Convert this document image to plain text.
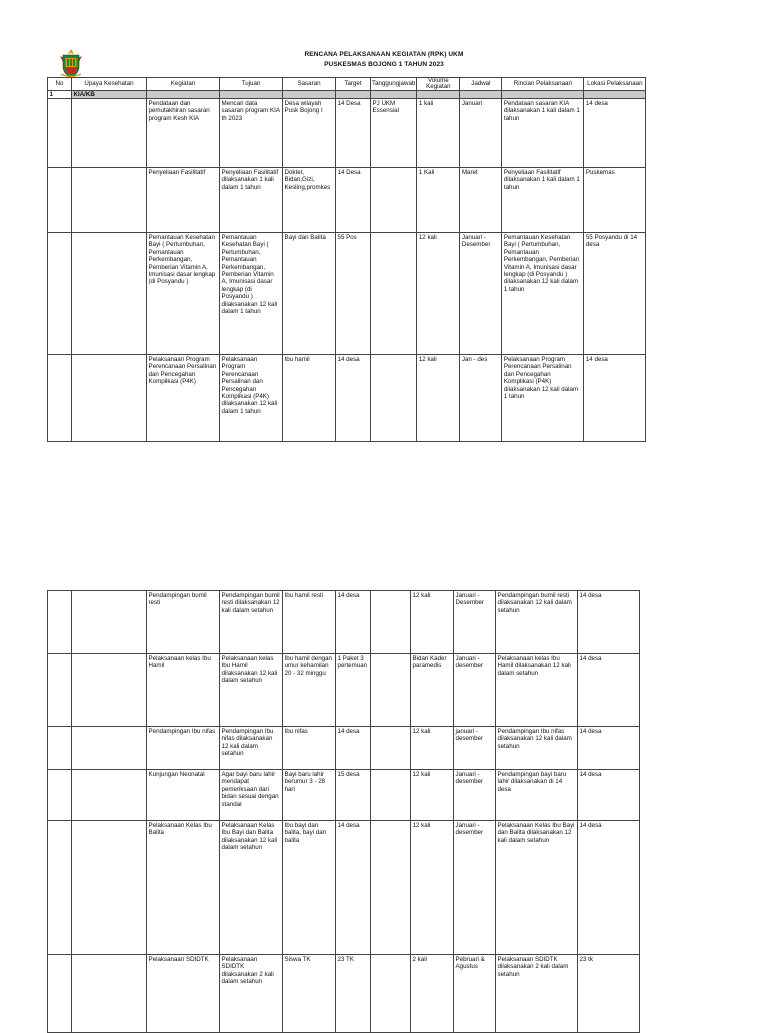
RENCANA PELAKSANAAN KEGIATAN (RPK) UKM
PUSKESMAS BOJONG 1 TAHUN 2023
No	Upaya Kesehatan	Kegiatan	Tujuan	Sasaran	Target	Tanggungjawab	Volume Kegiatan	Jadwal	Rincian Pelaksanaan	Lokasi Pelaksanaan
1	KIA/KB									
		Pendataan dan pemutakhiran sasaran program Kesh KIA	Mencari data sasaran program KIA th 2023	Desa wilayah Pusk Bojong I	14 Desa	PJ UKM Essensial	1 kali	Januari	Pendataan sasaran KIA dilaksanakan 1 kali dalam 1 tahun	14 desa
		Penyeliaan Fasilitatif	Penyeliaan Fasilitatif dilaksanakan 1 kali dalam 1 tahun	Dokter, Bidan,Gizi, Kesling,promkes	14 Desa		1 Kali	Maret	Penyeliaan Fasilitatif dilaksanakan 1 kali dalam 1 tahun	Puskemas
		Pemantauan Kesehatan Bayi ( Pertumbuhan, Pemantauan Perkembangan, Pemberian Vitamin A, Imunisasi dasar lengkap (di Posyandu )	Pemantauan Kesehatan Bayi ( Pertumbuhan, Pemantauan Perkembangan, Pemberian Vitamin A, Imunisasi dasar lengkap (di Posyandu ) dilaksanakan 12 kali dalam 1 tahun	Bayi dan Balita	55 Pos		12 kali	Januari - Desember	Pemantauan Kesehatan Bayi ( Pertumbuhan, Pemantauan Perkembangan, Pemberian Vitamin A, Imunisasi dasar lengkap (di Posyandu ) dilaksanakan 12 kali dalam 1 tahun	55 Posyandu di 14 desa
		Pelaksanaan Program Perencanaan Persalinan dan Pencegahan Komplikasi (P4K)	Pelaksanaan Program Perencanaan Persalinan dan Pencegahan Komplikasi (P4K) dilaksanakan 12 kali dalam 1 tahun	Ibu hamil	14 desa		12 kali	Jan - des	Pelaksanaan Program Perencanaan Persalinan dan Pencegahan Komplikasi (P4K) dilaksanakan 12 kali dalam 1 tahun	14 desa
		Pendampingan bumil resti	Pendampingan bumil resti dilaksanakan 12 kali dalam setahun	Ibu hamil resti	14 desa		12 kali	Januari - Desember	Pendampingan bumil resti dilaksanakan 12 kali dalam setahun	14 desa
		Pelaksanaan kelas Ibu Hamil	Pelaksanaan kelas Ibu Hamil dilaksanakan 12 kali dalam setahun	Ibu hamil dengan umur kehamilan 20 - 32 minggu	1 Paket 3 pertemuan		Bidan Kader paramedis	Januari - desember	Pelaksanaan kelas Ibu Hamil dilaksanakan 12 kali dalam setahun	14 desa
		Pendampingan Ibu nifas	Pendampingan Ibu nifas dilaksanakan 12 kali dalam setahun	Ibu nifas	14 desa		12 kali	januari - desember	Pendampingan Ibu nifas dilaksanakan 12 kali dalam setahun	14 desa
		Kunjungan Neonatal	Agar bayi baru lahir mendapat pemeriksaan dari bidan sesuai dengan standar	Bayi baru lahir berumur 3 - 28 hari	15 desa		12 kali	Januari - desember	Pendampingan bayi baru lahir dilaksanakan di 14 desa	14 desa
		Pelaksanaan Kelas Ibu Balita	Pelaksanaan Kelas Ibu Bayi dan Balita dilaksanakan 12 kali dalam setahun	Ibu bayi dan balita, bayi dan balita	14 desa		12 kali	Januari - desember	Pelaksanaan Kelas Ibu Bayi dan Balita dilaksanakan 12 kali dalam setahun	14 desa
		Pelaksanaan SDIDTK	Pelaksanaan SDIDTK dilaksanakan 2 kali dalam setahun	Siswa TK	23 TK		2 kali	Pebruari & Agustus	Pelaksanaan SDIDTK dilaksanakan 2 kali dalam setahun	23 tk
